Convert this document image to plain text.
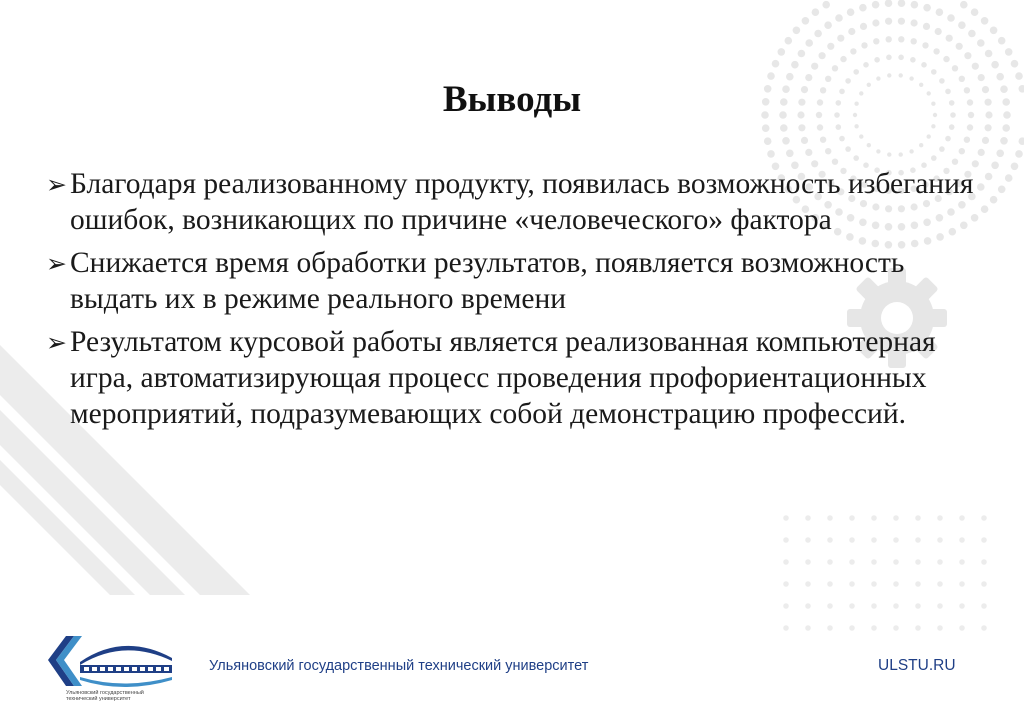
Выводы
➢ Благодаря реализованному продукту, появилась возможность избегания ошибок, возникающих по причине «человеческого» фактора
➢ Снижается время обработки результатов, появляется возможность выдать их в режиме реального времени
➢ Результатом курсовой работы является реализованная компьютерная игра, автоматизирующая процесс проведения профориентационных мероприятий, подразумевающих собой демонстрацию профессий.
Ульяновский государственный
технический университет
Ульяновский государственный технический университет	ULSTU.RU
